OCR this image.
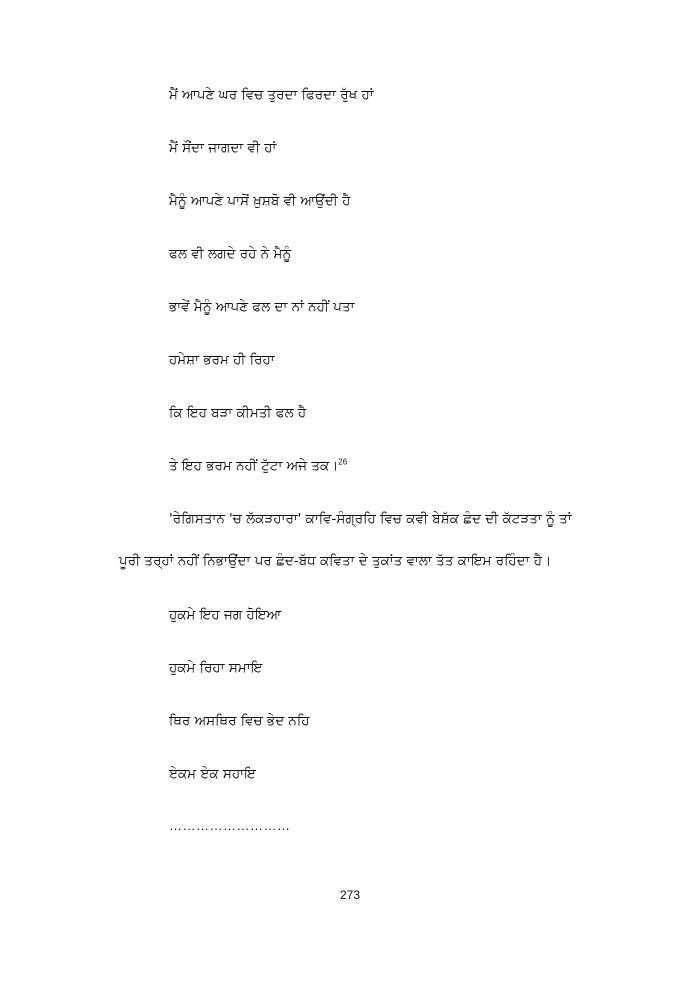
ਮੈਂ ਆਪਣੇ ਘਰ ਵਿਚ ਤੁਰਦਾ ਫਿਰਦਾ ਰੁੱਖ ਹਾਂ
ਮੈਂ ਸੌਂਦਾ ਜਾਗਦਾ ਵੀ ਹਾਂ
ਮੈਨੂੰ ਆਪਣੇ ਪਾਸੋਂ ਖ਼ੁਸ਼ਬੋ ਵੀ ਆਉਂਦੀ ਹੈ
ਫਲ ਵੀ ਲਗਦੇ ਰਹੇ ਨੇ ਮੈਨੂੰ
ਭਾਵੇਂ ਮੈਨੂੰ ਆਪਣੇ ਫਲ ਦਾ ਨਾਂ ਨਹੀਂ ਪਤਾ
ਹਮੇਸ਼ਾ ਭਰਮ ਹੀ ਰਿਹਾ
ਕਿ ਇਹ ਬੜਾ ਕੀਮਤੀ ਫਲ ਹੈ
ਤੇ ਇਹ ਭਰਮ ਨਹੀਂ ਟੁੱਟਾ ਅਜੇ ਤਕ।$^{26}$
'ਰੇਗਿਸਤਾਨ 'ਚ ਲੱਕੜਹਾਰਾ' ਕਾਵਿ-ਸੰਗ੍ਰਹਿ ਵਿਚ ਕਵੀ ਬੇਸ਼ੱਕ ਛੰਦ ਦੀ ਕੱਟੜਤਾ ਨੂੰ ਤਾਂ
ਪੂਰੀ ਤਰ੍ਹਾਂ ਨਹੀਂ ਨਿਭਾਉਂਦਾ ਪਰ ਛੰਦ-ਬੱਧ ਕਵਿਤਾ ਦੇ ਤੁਕਾਂਤ ਵਾਲਾ ਤੱਤ ਕਾਇਮ ਰਹਿੰਦਾ ਹੈ।
ਹੁਕਮੇ ਇਹ ਜਗ ਹੋਇਆ
ਹੁਕਮੇ ਰਿਹਾ ਸਮਾਇ
ਥਿਰ ਅਸਥਿਰ ਵਿਚ ਭੇਦ ਨਹਿ
ਏਕਮ ਏਕ ਸਹਾਇ
………………………
273
